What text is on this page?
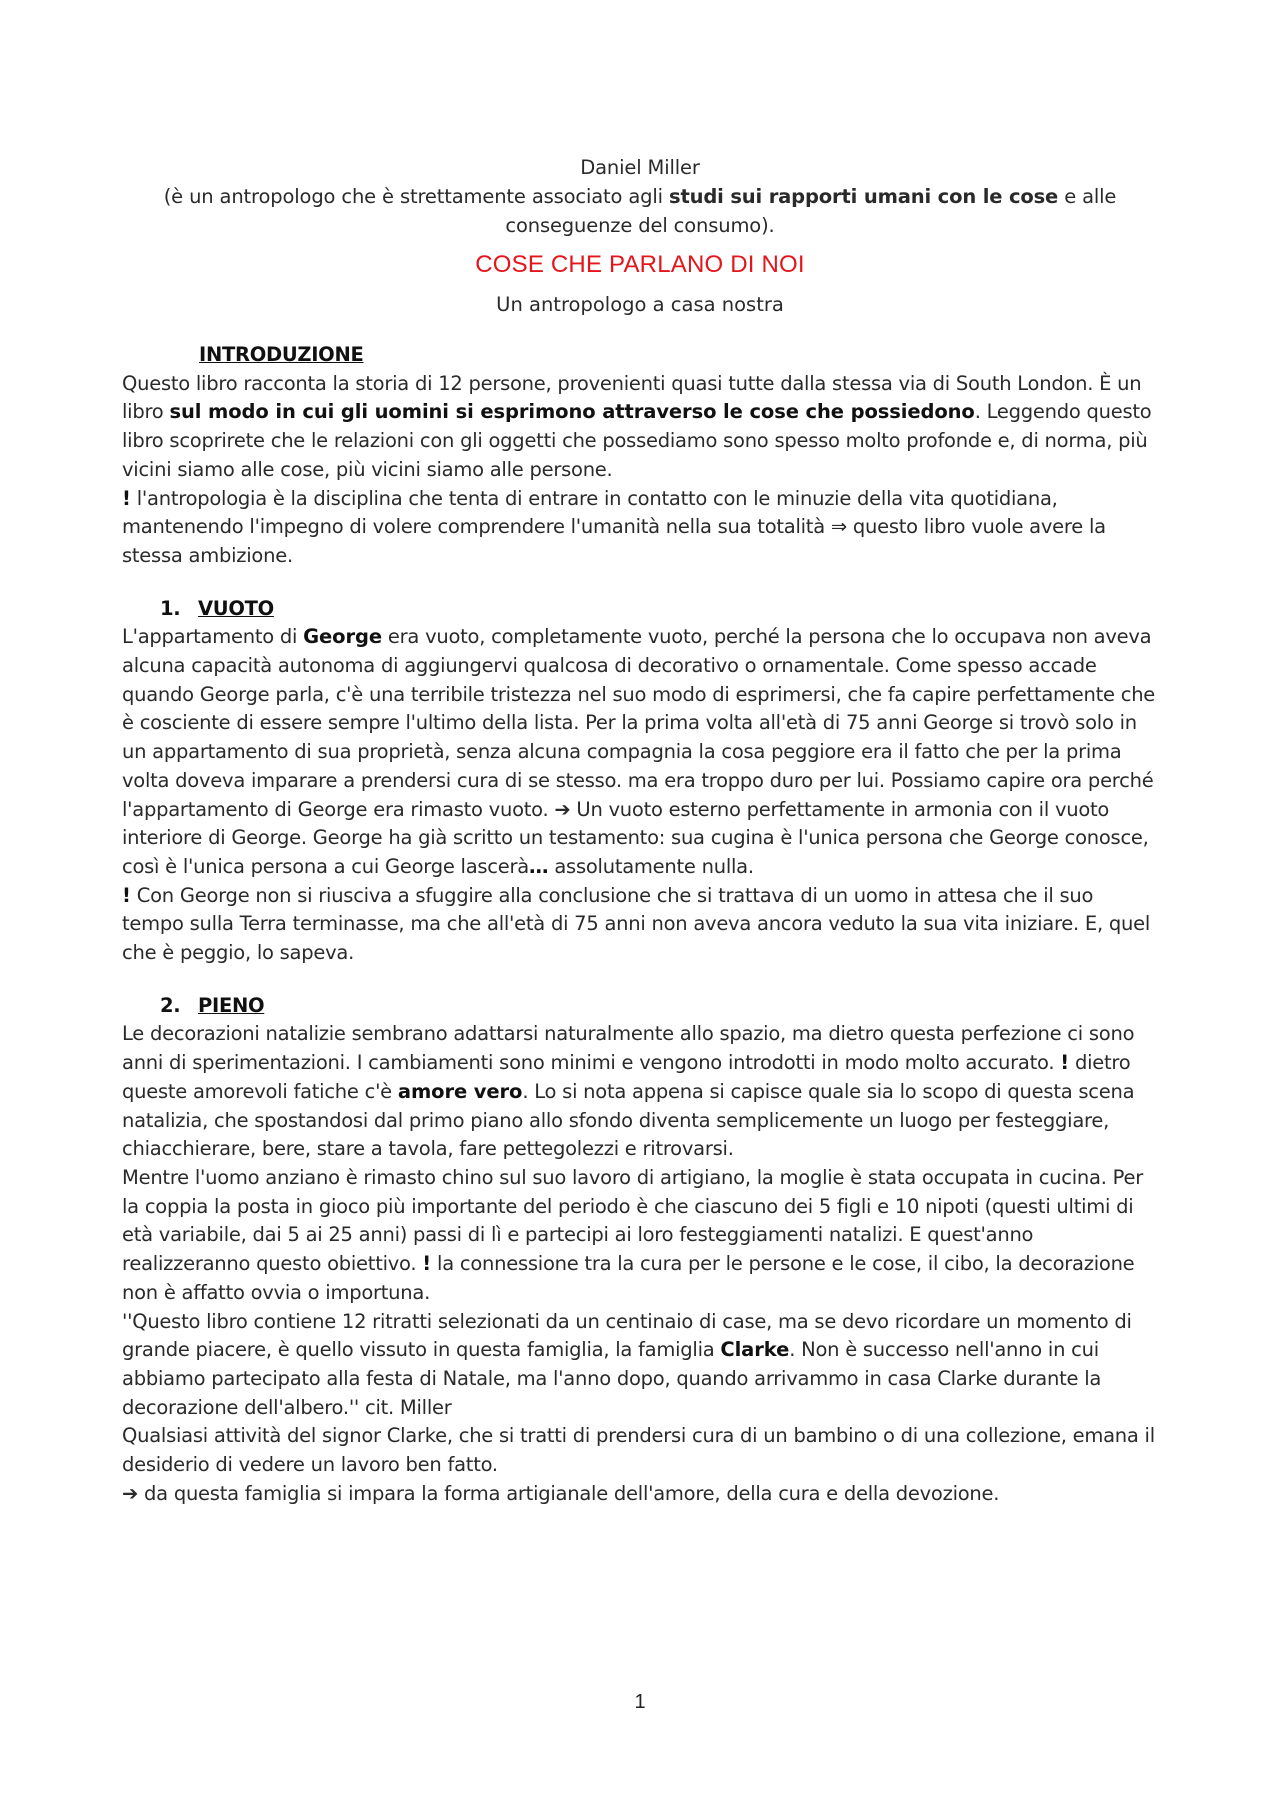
Daniel Miller
(è un antropologo che è strettamente associato agli studi sui rapporti umani con le cose e alle conseguenze del consumo).
COSE CHE PARLANO DI NOI
Un antropologo a casa nostra
INTRODUZIONE

Questo libro racconta la storia di 12 persone, provenienti quasi tutte dalla stessa via di South London. È un libro sul modo in cui gli uomini si esprimono attraverso le cose che possiedono. Leggendo questo libro scoprirete che le relazioni con gli oggetti che possediamo sono spesso molto profonde e, di norma, più vicini siamo alle cose, più vicini siamo alle persone.

! l'antropologia è la disciplina che tenta di entrare in contatto con le minuzie della vita quotidiana, mantenendo l'impegno di volere comprendere l'umanità nella sua totalità ⇒ questo libro vuole avere la stessa ambizione.

1. VUOTO

L'appartamento di George era vuoto, completamente vuoto, perché la persona che lo occupava non aveva alcuna capacità autonoma di aggiungervi qualcosa di decorativo o ornamentale. Come spesso accade quando George parla, c'è una terribile tristezza nel suo modo di esprimersi, che fa capire perfettamente che è cosciente di essere sempre l'ultimo della lista. Per la prima volta all'età di 75 anni George si trovò solo in un appartamento di sua proprietà, senza alcuna compagnia la cosa peggiore era il fatto che per la prima volta doveva imparare a prendersi cura di se stesso. ma era troppo duro per lui. Possiamo capire ora perché l'appartamento di George era rimasto vuoto. ➔ Un vuoto esterno perfettamente in armonia con il vuoto interiore di George. George ha già scritto un testamento: sua cugina è l'unica persona che George conosce, così è l'unica persona a cui George lascerà… assolutamente nulla.

! Con George non si riusciva a sfuggire alla conclusione che si trattava di un uomo in attesa che il suo tempo sulla Terra terminasse, ma che all'età di 75 anni non aveva ancora veduto la sua vita iniziare. E, quel che è peggio, lo sapeva.

2. PIENO

Le decorazioni natalizie sembrano adattarsi naturalmente allo spazio, ma dietro questa perfezione ci sono anni di sperimentazioni. I cambiamenti sono minimi e vengono introdotti in modo molto accurato. ! dietro queste amorevoli fatiche c'è amore vero. Lo si nota appena si capisce quale sia lo scopo di questa scena natalizia, che spostandosi dal primo piano allo sfondo diventa semplicemente un luogo per festeggiare, chiacchierare, bere, stare a tavola, fare pettegolezzi e ritrovarsi.

Mentre l'uomo anziano è rimasto chino sul suo lavoro di artigiano, la moglie è stata occupata in cucina. Per la coppia la posta in gioco più importante del periodo è che ciascuno dei 5 figli e 10 nipoti (questi ultimi di età variabile, dai 5 ai 25 anni) passi di lì e partecipi ai loro festeggiamenti natalizi. E quest'anno realizzeranno questo obiettivo. ! la connessione tra la cura per le persone e le cose, il cibo, la decorazione non è affatto ovvia o importuna.

''Questo libro contiene 12 ritratti selezionati da un centinaio di case, ma se devo ricordare un momento di grande piacere, è quello vissuto in questa famiglia, la famiglia Clarke. Non è successo nell'anno in cui abbiamo partecipato alla festa di Natale, ma l'anno dopo, quando arrivammo in casa Clarke durante la decorazione dell'albero.'' cit. Miller

Qualsiasi attività del signor Clarke, che si tratti di prendersi cura di un bambino o di una collezione, emana il desiderio di vedere un lavoro ben fatto.

➔ da questa famiglia si impara la forma artigianale dell'amore, della cura e della devozione.

1
